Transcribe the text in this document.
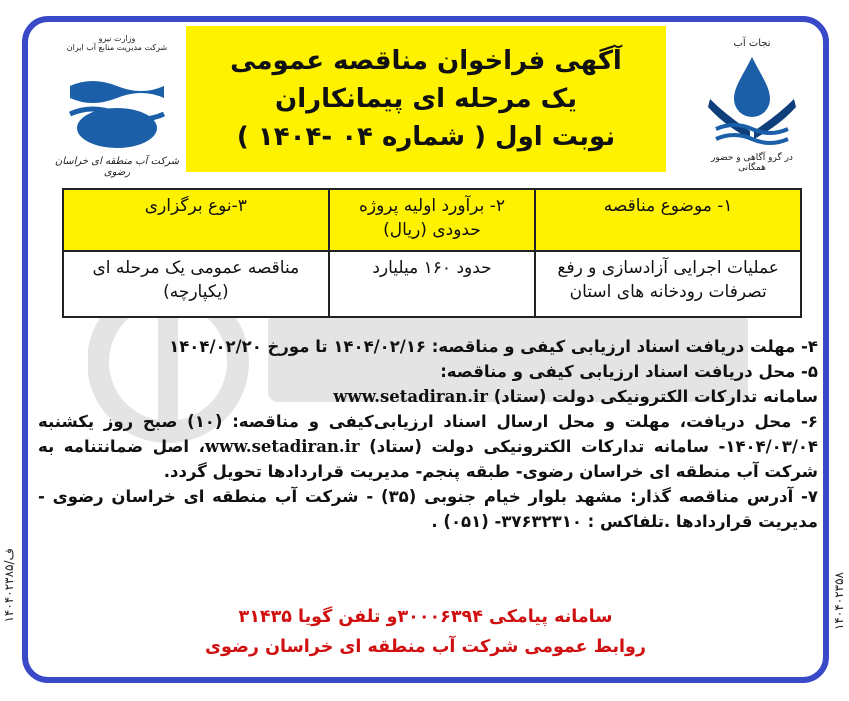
۱۴۰۴۰۲۳۸۵/ف
۱۴۰۴۰۲۳۵۸
وزارت نیرو
شرکت مدیریت منابع آب ایران
شرکت آب منطقه ای خراسان رضوی
آگهی فراخوان مناقصه عمومی
یک مرحله ای پیمانکاران
نوبت اول ( شماره ۰۴ -۱۴۰۴ )
نجات آب
در گرو آگاهی و حضور همگانی
۱- موضوع مناقصه	۲- برآورد اولیه پروژه حدودی (ریال)	۳-نوع برگزاری
عملیات اجرایی آزادسازی و رفع تصرفات رودخانه های استان	حدود ۱۶۰ میلیارد	مناقصه عمومی یک مرحله ای (یکپارچه)

۴- مهلت دریافت اسناد ارزیابی کیفی و مناقصه: ۱۴۰۴/۰۲/۱۶ تا مورخ ۱۴۰۴/۰۲/۲۰

۵- محل دریافت اسناد ارزیابی کیفی و مناقصه:

سامانه تدارکات الکترونیکی دولت (ستاد) www.setadiran.ir

۶- محل دریافت، مهلت و محل ارسال اسناد ارزیابی‌کیفی و مناقصه: (۱۰) صبح روز یکشنبه ۱۴۰۴/۰۳/۰۴- سامانه تدارکات الکترونیکی دولت (ستاد) www.setadiran.ir، اصل ضمانتنامه به شرکت آب منطقه ای خراسان رضوی- طبقه پنجم- مدیریت قراردادها تحویل گردد.

۷- آدرس مناقصه گذار: مشهد بلوار خیام جنوبی (۳۵) - شرکت آب منطقه ای خراسان رضوی - مدیریت قراردادها .تلفاکس : ۳۷۶۳۲۳۱۰- (۰۵۱) .

سامانه پیامکی ۳۰۰۰۶۳۹۴و تلفن گویا ۳۱۴۳۵
روابط عمومی شرکت آب منطقه ای خراسان رضوی
